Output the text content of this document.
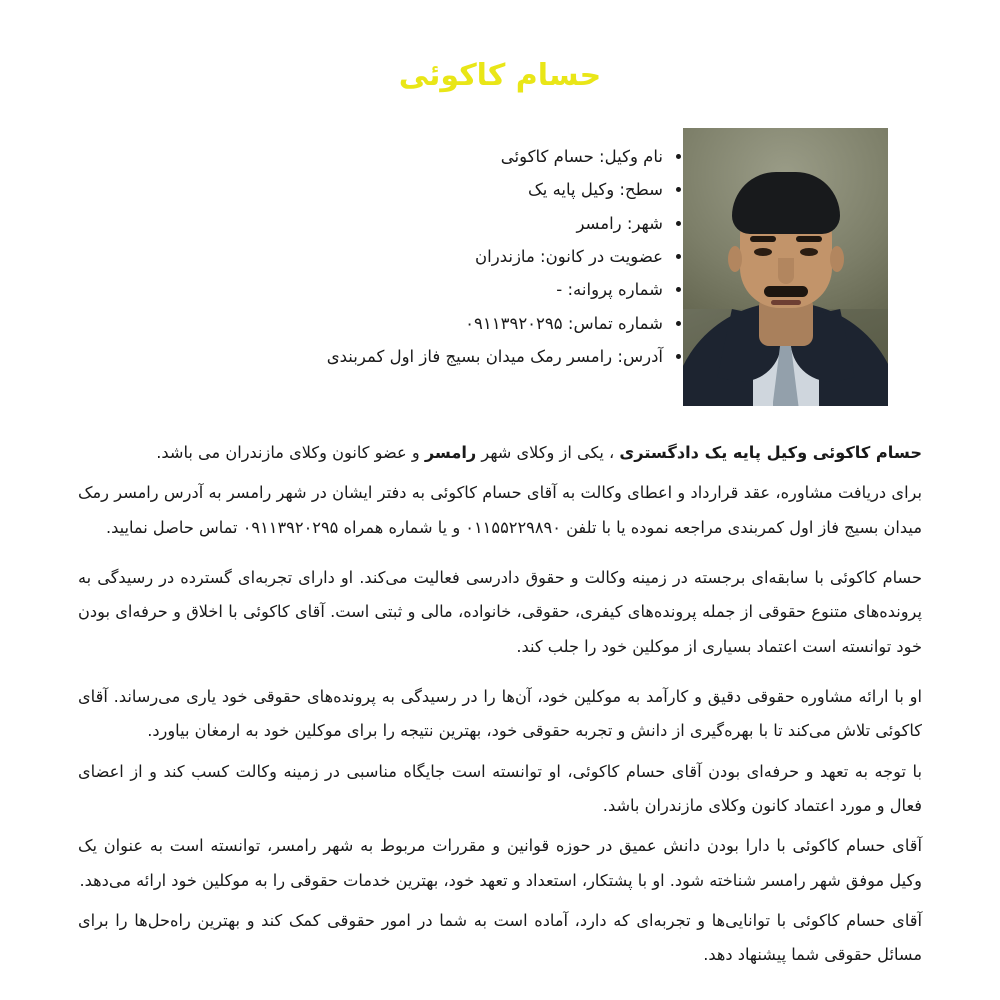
حسام کاکوئی
نام وکیل: حسام کاکوئی
سطح: وکیل پایه یک
شهر: رامسر
عضویت در کانون: مازندران
شماره پروانه: -
شماره تماس: ۰۹۱۱۳۹۲۰۲۹۵
آدرس: رامسر رمک میدان بسیج فاز اول کمربندی

حسام کاکوئی وکیل پایه یک دادگستری ، یکی از وکلای شهر رامسر و عضو کانون وکلای مازندران می باشد.

برای دریافت مشاوره، عقد قرارداد و اعطای وکالت به آقای حسام کاکوئی به دفتر ایشان در شهر رامسر به آدرس رامسر رمک میدان بسیج فاز اول کمربندی مراجعه نموده یا با تلفن ۰۱۱۵۵۲۲۹۸۹۰ و یا شماره همراه ۰۹۱۱۳۹۲۰۲۹۵ تماس حاصل نمایید.

حسام کاکوئی با سابقه‌ای برجسته در زمینه وکالت و حقوق دادرسی فعالیت می‌کند. او دارای تجربه‌ای گسترده در رسیدگی به پرونده‌های متنوع حقوقی از جمله پرونده‌های کیفری، حقوقی، خانواده، مالی و ثبتی است. آقای کاکوئی با اخلاق و حرفه‌ای بودن خود توانسته است اعتماد بسیاری از موکلین خود را جلب کند.

او با ارائه مشاوره حقوقی دقیق و کارآمد به موکلین خود، آن‌ها را در رسیدگی به پرونده‌های حقوقی خود یاری می‌رساند. آقای کاکوئی تلاش می‌کند تا با بهره‌گیری از دانش و تجربه حقوقی خود، بهترین نتیجه را برای موکلین خود به ارمغان بیاورد.

با توجه به تعهد و حرفه‌ای بودن آقای حسام کاکوئی، او توانسته است جایگاه مناسبی در زمینه وکالت کسب کند و از اعضای فعال و مورد اعتماد کانون وکلای مازندران باشد.

آقای حسام کاکوئی با دارا بودن دانش عمیق در حوزه قوانین و مقررات مربوط به شهر رامسر، توانسته است به عنوان یک وکیل موفق شهر رامسر شناخته شود. او با پشتکار، استعداد و تعهد خود، بهترین خدمات حقوقی را به موکلین خود ارائه می‌دهد.

آقای حسام کاکوئی با توانایی‌ها و تجربه‌ای که دارد، آماده است به شما در امور حقوقی کمک کند و بهترین راه‌حل‌ها را برای مسائل حقوقی شما پیشنهاد دهد.
